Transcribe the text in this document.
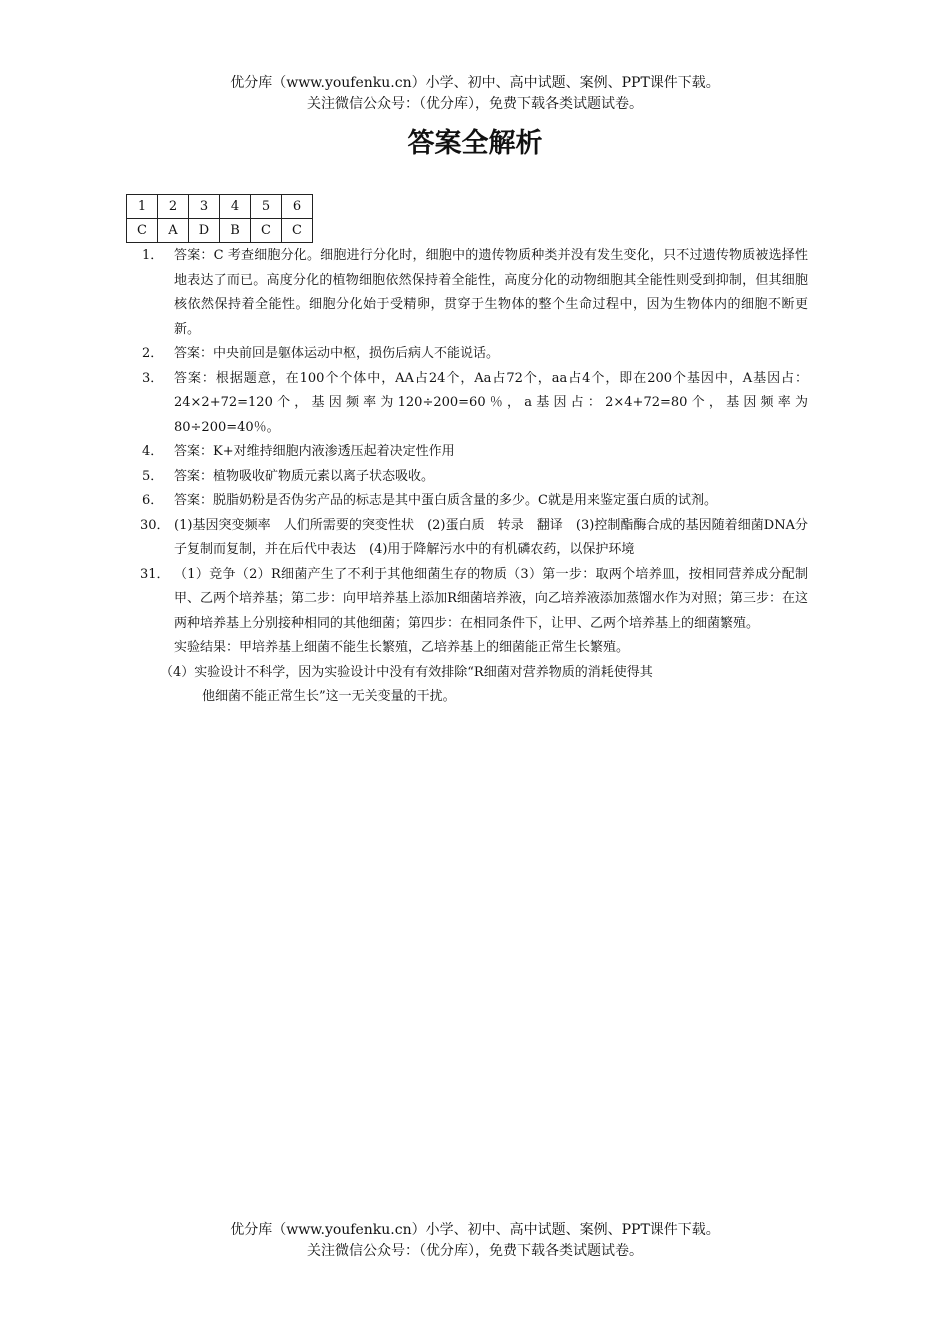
优分库（www.youfenku.cn）小学、初中、高中试题、案例、PPT课件下载。
关注微信公众号：（优分库），免费下载各类试题试卷。
答案全解析
1	2	3	4	5	6
C	A	D	B	C	C
1． 答案：C 考查细胞分化。细胞进行分化时，细胞中的遗传物质种类并没有发生变化，只不过遗传物质被选择性地表达了而已。高度分化的植物细胞依然保持着全能性，高度分化的动物细胞其全能性则受到抑制，但其细胞核依然保持着全能性。细胞分化始于受精卵，贯穿于生物体的整个生命过程中，因为生物体内的细胞不断更新。
2． 答案：中央前回是躯体运动中枢，损伤后病人不能说话。
3． 答案：根据题意，在100个个体中，AA占24个，Aa占72个，aa占4个，即在200个基因中，A基因占：24×2+72=120个，基因频率为120÷200=60％，a基因占：2×4+72=80个，基因频率为80÷200=40％。
4． 答案：K+对维持细胞内液渗透压起着决定性作用
5． 答案：植物吸收矿物质元素以离子状态吸收。
6． 答案：脱脂奶粉是否伪劣产品的标志是其中蛋白质含量的多少。C就是用来鉴定蛋白质的试剂。
30． (1)基因突变频率　人们所需要的突变性状　(2)蛋白质　转录　翻译　(3)控制酯酶合成的基因随着细菌DNA分子复制而复制，并在后代中表达　(4)用于降解污水中的有机磷农药，以保护环境
31． （1）竞争（2）R细菌产生了不利于其他细菌生存的物质（3）第一步：取两个培养皿，按相同营养成分配制甲、乙两个培养基；第二步：向甲培养基上添加R细菌培养液，向乙培养液添加蒸馏水作为对照；第三步：在这两种培养基上分别接种相同的其他细菌；第四步：在相同条件下，让甲、乙两个培养基上的细菌繁殖。
实验结果：甲培养基上细菌不能生长繁殖，乙培养基上的细菌能正常生长繁殖。
（4）实验设计不科学，因为实验设计中没有有效排除“R细菌对营养物质的消耗使得其
他细菌不能正常生长”这一无关变量的干扰。
优分库（www.youfenku.cn）小学、初中、高中试题、案例、PPT课件下载。
关注微信公众号：（优分库），免费下载各类试题试卷。
